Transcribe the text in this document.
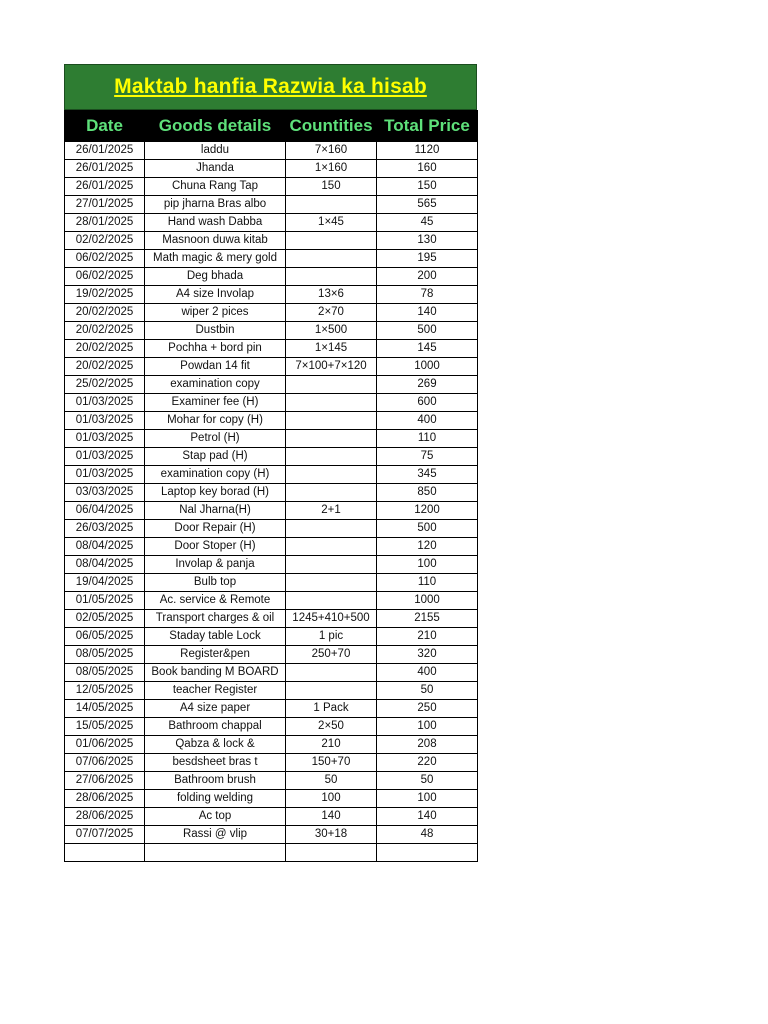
Maktab hanfia Razwia ka hisab
Date	Goods details	Countities	Total Price
26/01/2025	laddu	7×160	1120
26/01/2025	Jhanda	1×160	160
26/01/2025	Chuna Rang Tap	150	150
27/01/2025	pip jharna Bras albo		565
28/01/2025	Hand wash Dabba	1×45	45
02/02/2025	Masnoon duwa kitab		130
06/02/2025	Math magic & mery gold		195
06/02/2025	Deg bhada		200
19/02/2025	A4 size Involap	13×6	78
20/02/2025	wiper 2 pices	2×70	140
20/02/2025	Dustbin	1×500	500
20/02/2025	Pochha + bord pin	1×145	145
20/02/2025	Powdan 14 fit	7×100+7×120	1000
25/02/2025	examination copy		269
01/03/2025	Examiner fee (H)		600
01/03/2025	Mohar for copy (H)		400
01/03/2025	Petrol (H)		110
01/03/2025	Stap pad (H)		75
01/03/2025	examination copy (H)		345
03/03/2025	Laptop key borad (H)		850
06/04/2025	Nal Jharna(H)	2+1	1200
26/03/2025	Door Repair (H)		500
08/04/2025	Door Stoper (H)		120
08/04/2025	Involap & panja		100
19/04/2025	Bulb top		110
01/05/2025	Ac. service & Remote		1000
02/05/2025	Transport charges & oil	1245+410+500	2155
06/05/2025	Staday table Lock	1 pic	210
08/05/2025	Register&pen	250+70	320
08/05/2025	Book banding M BOARD		400
12/05/2025	teacher Register		50
14/05/2025	A4 size paper	1 Pack	250
15/05/2025	Bathroom chappal	2×50	100
01/06/2025	Qabza & lock &	210	208
07/06/2025	besdsheet bras t	150+70	220
27/06/2025	Bathroom brush	50	50
28/06/2025	folding welding	100	100
28/06/2025	Ac top	140	140
07/07/2025	Rassi @ vlip	30+18	48
